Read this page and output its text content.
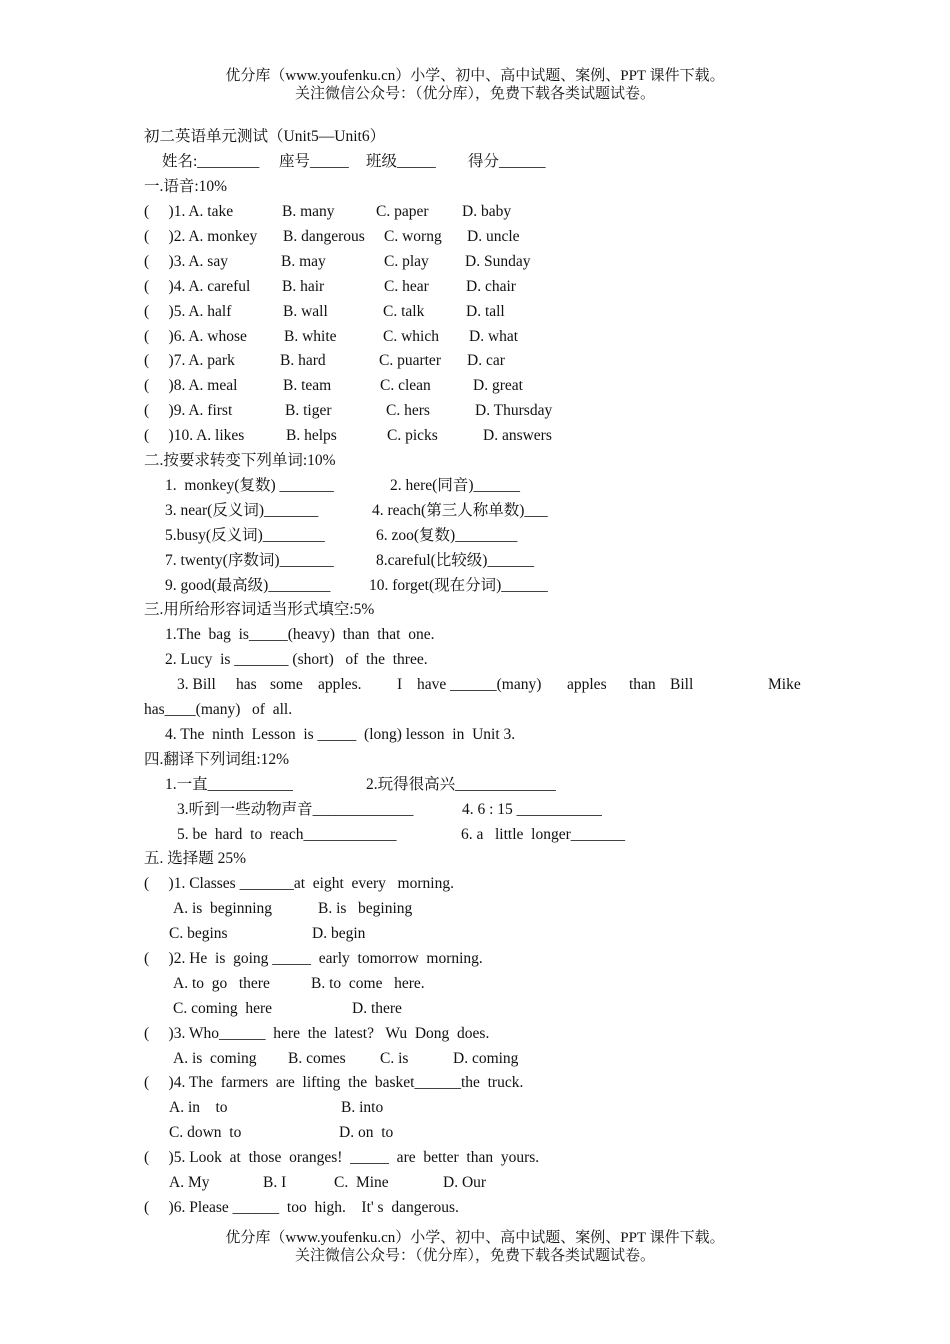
优分库（www.youfenku.cn）小学、初中、高中试题、案例、PPT 课件下载。
关注微信公众号：（优分库），免费下载各类试题试卷。
初二英语单元测试（Unit5—Unit6）
姓名:________ 座号_____ 班级_____ 得分______
一.语音:10%
(     )1. A. take	B. many	C. paper D. baby
(     )2. A. monkey B. dangerous C. worng D. uncle
(     )3. A. say	B. may	C. play D. Sunday
(     )4. A. careful B. hair	C. hear D. chair
(     )5. A. half	B. wall	C. talk	D. tall
(     )6. A. whose B. white	C. which D. what
(     )7. A. park	B. hard	C. puarter D. car
(     )8. A. meal	B. team	C. clean	D. great
(     )9. A. first	B. tiger	C. hers	D. Thursday
(     )10. A. likes	B. helps	C. picks	D. answers
二.按要求转变下列单词:10%
1.  monkey(复数) _______	2. here(同音)______
3. near(反义词)_______	4. reach(第三人称单数)___
5.busy(反义词)________	6. zoo(复数)________
7. twenty(序数词)_______	8.careful(比较级)______
9. good(最高级)________ 10. forget(现在分词)______
三.用所给形容词适当形式填空:5%
1.The  bag  is_____(heavy)  than  that  one.
2. Lucy  is _______ (short)   of  the  three.
3. Bill has some apples. I have ______(many) apples than Bill	Mike
has____(many)   of  all.
4. The  ninth  Lesson  is _____  (long) lesson  in  Unit 3.
四.翻译下列词组:12%
1.一直___________	2.玩得很高兴_____________
3.听到一些动物声音_____________	4. 6 : 15 ___________
5. be  hard  to  reach____________	6. a   little  longer_______
五. 选择题 25%
(     )1. Classes _______at  eight  every   morning.
A. is  beginning	B. is   begining
C. begins	D. begin
(     )2. He  is  going _____  early  tomorrow  morning.
A. to  go   there	B. to  come   here.
C. coming  here	D. there
(     )3. Who______  here  the  latest?   Wu  Dong  does.
A. is  coming B. comes C. is	D. coming
(     )4. The  farmers  are  lifting  the  basket______the  truck.
A. in    to	B. into
C. down  to	D. on  to
(     )5. Look  at  those  oranges!  _____  are  better  than  yours.
A. My	B. I	C.  Mine	D. Our
(     )6. Please ______  too  high.    It' s  dangerous.
优分库（www.youfenku.cn）小学、初中、高中试题、案例、PPT 课件下载。
关注微信公众号：（优分库），免费下载各类试题试卷。
